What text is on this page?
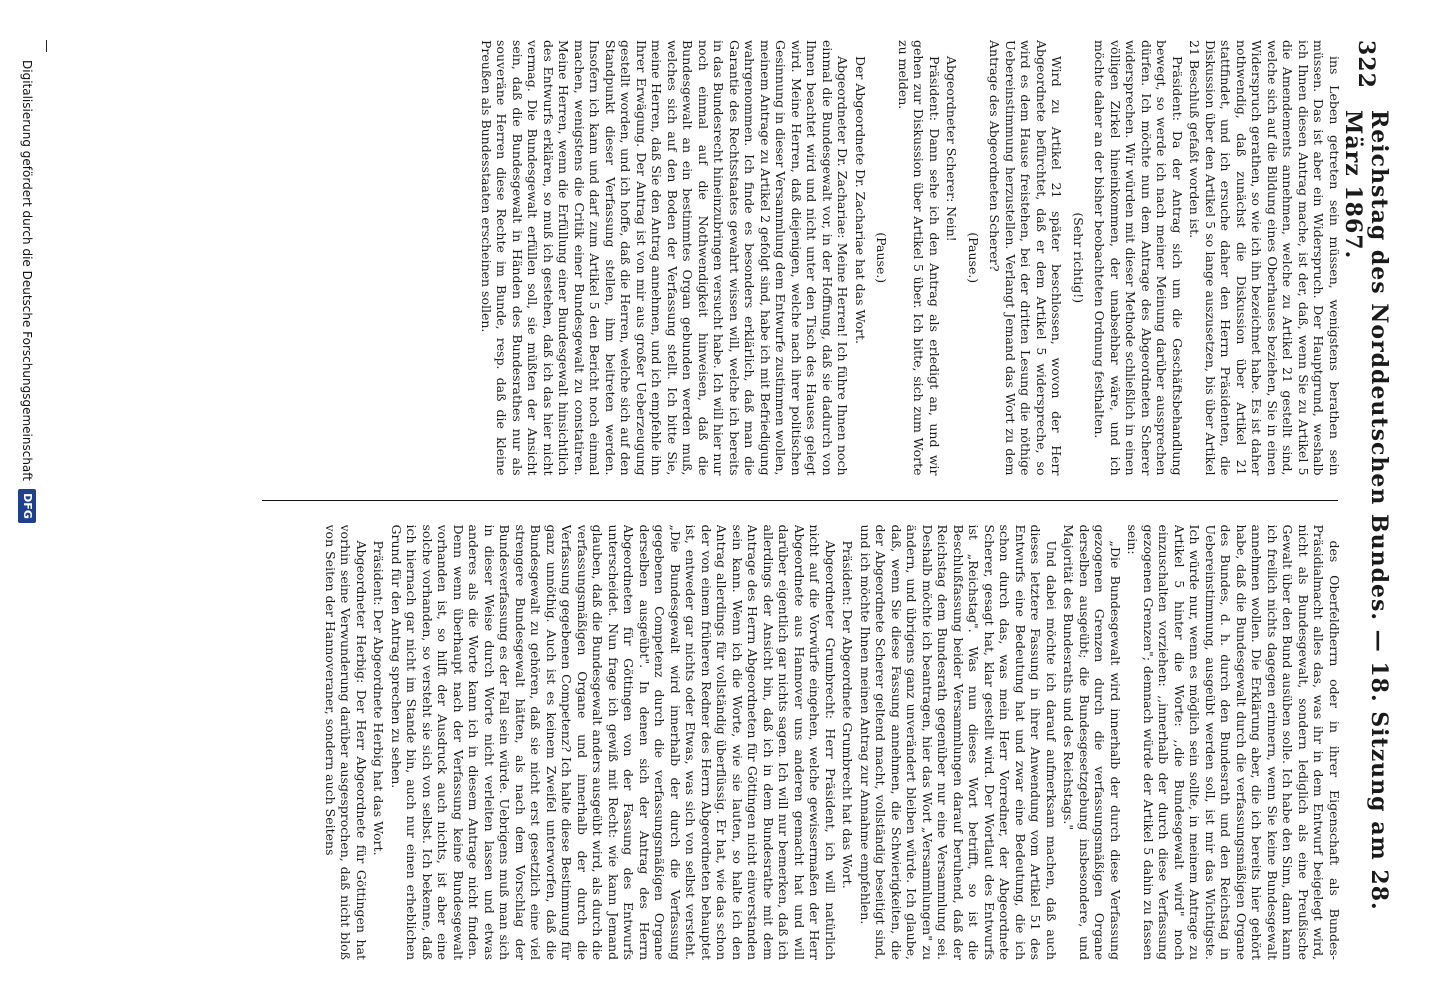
322
Reichstag des Norddeutschen Bundes. — 18. Sitzung am 28. März 1867.

ins Leben getreten sein müssen, wenigstens berathen sein müssen. Das ist aber ein Widerspruch. Der Hauptgrund, weshalb ich Ihnen diesen Antrag mache, ist der, daß, wenn Sie zu Artikel 5 die Amendements annehmen, welche zu Artikel 21 gestellt sind, welche sich auf die Bildung eines Oberhauses beziehen, Sie in einen Widerspruch gerathen, so wie ich ihn bezeichnet habe. Es ist daher nothwendig, daß zunächst die Diskussion über Artikel 21 stattfindet, und ich ersuche daher den Herrn Präsidenten, die Diskussion über den Artikel 5 so lange auszusetzen, bis über Artikel 21 Beschluß gefaßt worden ist.

Präsident: Da der Antrag sich um die Geschäftsbehandlung bewegt, so werde ich nach meiner Meinung darüber aussprechen dürfen. Ich möchte nun dem Antrage des Abgeordneten Scherer widersprechen. Wir würden mit dieser Methode schließlich in einen völligen Zirkel hineinkommen, der unabsehbar wäre, und ich möchte daher an der bisher beobachteten Ordnung festhalten.

(Sehr richtig!)

Wird zu Artikel 21 später beschlossen, wovon der Herr Abgeordnete befürchtet, daß er dem Artikel 5 widerspreche, so wird es dem Hause freistehen, bei der dritten Lesung die nöthige Uebereinstimmung herzustellen. Verlangt Jemand das Wort zu dem Antrage des Abgeordneten Scherer?

(Pause.)

Abgeordneter Scherer: Nein!

Präsident: Dann sehe ich den Antrag als erledigt an, und wir gehen zur Diskussion über Artikel 5 über. Ich bitte, sich zum Worte zu melden.

(Pause.)

Der Abgeordnete Dr. Zachariae hat das Wort.

Abgeordneter Dr. Zachariae: Meine Herren! Ich führe Ihnen noch einmal die Bundesgewalt vor, in der Hoffnung, daß sie dadurch von Ihnen beachtet wird und nicht unter den Tisch des Hauses gelegt wird. Meine Herren, daß diejenigen, welche nach ihrer politischen Gesinnung in dieser Versammlung dem Entwurfe zustimmen wollen, meinem Antrage zu Artikel 2 gefolgt sind, habe ich mit Befriedigung wahrgenommen. Ich finde es besonders erklärlich, daß man die Garantie des Rechtsstaates gewahrt wissen will, welche ich bereits in das Bundesrecht hineinzubringen versucht habe. Ich will hier nur noch einmal auf die Nothwendigkeit hinweisen, daß die Bundesgewalt an ein bestimmtes Organ gebunden werden muß, welches sich auf den Boden der Verfassung stellt. Ich bitte Sie, meine Herren, daß Sie den Antrag annehmen, und ich empfehle ihn Ihrer Erwägung. Der Antrag ist von mir aus großer Ueberzeugung gestellt worden, und ich hoffe, daß die Herren, welche sich auf den Standpunkt dieser Verfassung stellen, ihm beitreten werden. Insofern ich kann und darf zum Artikel 5 den Bericht noch einmal machen, wenigstens die Critik einer Bundesgewalt zu constatiren. Meine Herren, wenn die Erfüllung einer Bundesgewalt hinsichtlich des Entwurfs erklären, so muß ich gestehen, daß ich das hier nicht vermag. Die Bundesgewalt erfüllen soll, sie müßten der Ansicht sein, daß die Bundesgewalt in Händen des Bundesrathes nur als souveräne Herren diese Rechte im Bunde, resp. daß die kleine Preußen als Bundesstaaten erscheinen sollen.

des Oberfeldherrn oder in ihrer Eigenschaft als Bundes-Präsidialmacht alles das, was ihr in dem Entwurf beigelegt wird, nicht als Bundesgewalt, sondern lediglich als eine Preußische Gewalt über den Bund ausüben solle. Ich habe den Sinn, dann kann ich freilich nichts dagegen erinnern, wenn Sie keine Bundesgewalt annehmen wollen. Die Erklärung aber, die ich bereits hier gehört habe, daß die Bundesgewalt durch die verfassungsmäßigen Organe des Bundes, d. h. durch den Bundesrath und den Reichstag in Uebereinstimmung, ausgeübt werden soll, ist mir das Wichtigste. Ich würde nur, wenn es möglich sein sollte, in meinem Antrage zu Artikel 5 hinter die Worte: ,,die Bundesgewalt wird" noch einzuschalten vorziehen: ,,innerhalb der durch diese Verfassung gezogenen Grenzen"; demnach würde der Artikel 5 dahin zu fassen sein:

„Die Bundesgewalt wird innerhalb der durch diese Verfassung gezogenen Grenzen durch die verfassungsmäßigen Organe derselben ausgeübt; die Bundesgesetzgebung insbesondere, und Majorität des Bundesraths und des Reichstags."

Und dabei möchte ich darauf aufmerksam machen, daß auch dieses letztere Fassung in ihrer Anwendung vom Artikel 51 des Entwurfs eine Bedeutung hat und zwar eine Bedeutung, die ich schon durch das, was mein Herr Vorredner, der Abgeordnete Scherer, gesagt hat, klar gestellt wird. Der Wortlaut des Entwurfs ist „Reichstag". Was nun dieses Wort betrifft, so ist die Beschlußfassung beider Versammlungen darauf beruhend, daß der Reichstag dem Bundesrath gegenüber nur eine Versammlung sei. Deshalb möchte ich beantragen, hier das Wort „Versammlungen" zu ändern, und übrigens ganz unverändert bleiben würde. Ich glaube, daß, wenn Sie diese Fassung annehmen, die Schwierigkeiten, die der Abgeordnete Scherer geltend macht, vollständig beseitigt sind, und ich möchte Ihnen meinen Antrag zur Annahme empfehlen.

Präsident: Der Abgeordnete Grumbrecht hat das Wort.

Abgeordneter Grumbrecht: Herr Präsident, ich will natürlich nicht auf die Vorwürfe eingehen, welche gewissermaßen der Herr Abgeordnete aus Hannover uns anderen gemacht hat und will darüber eigentlich gar nichts sagen. Ich will nur bemerken, daß ich allerdings der Ansicht bin, daß ich in dem Bundesrathe mit dem Antrage des Herrn Abgeordneten für Göttingen nicht einverstanden sein kann. Wenn ich die Worte, wie sie lauten, so halte ich den Antrag allerdings für vollständig überflüssig. Er hat, wie das schon der von einem früheren Redner des Herrn Abgeordneten behauptet ist, entweder gar nichts oder Etwas, was sich von selbst versteht. „Die Bundesgewalt wird innerhalb der durch die Verfassung gegebenen Competenz durch die verfassungsmäßigen Organe derselben ausgeübt". In denen sich der Antrag des Herrn Abgeordneten für Göttingen von der Fassung des Entwurfs unterscheidet. Nun frage ich gewiß mit Recht: wie kann Jemand glauben, daß die Bundesgewalt anders ausgeübt wird, als durch die verfassungsmäßigen Organe und innerhalb der durch die Verfassung gegebenen Competenz? Ich halte diese Bestimmung für ganz unnöthig. Auch ist es keinem Zweifel unterworfen, daß die Bundesgewalt zu gehören, daß sie nicht erst gesetzlich eine viel strengere Bundesgewalt hätten, als nach dem Vorschlag der Bundesverfassung es der Fall sein würde. Uebrigens muß man sich in dieser Weise durch Worte nicht verleiten lassen und etwas anderes als die Worte kann ich in diesem Antrage nicht finden. Denn wenn überhaupt nach der Verfassung keine Bundesgewalt vorhanden ist, so hilft der Ausdruck auch nichts, ist aber eine solche vorhanden, so versteht sie sich von selbst. Ich bekenne, daß ich hiernach gar nicht im Stande bin, auch nur einen erheblichen Grund für den Antrag sprechen zu sehen.

Präsident: Der Abgeordnete Herbig hat das Wort.

Abgeordneter Herbig: Der Herr Abgeordnete für Göttingen hat vorhin seine Verwunderung darüber ausgesprochen, daß nicht bloß von Seiten der Hannoveraner, sondern auch Seitens

Digitalisierung gefördert durch die Deutsche Forschungsgemeinschaft
DFG
